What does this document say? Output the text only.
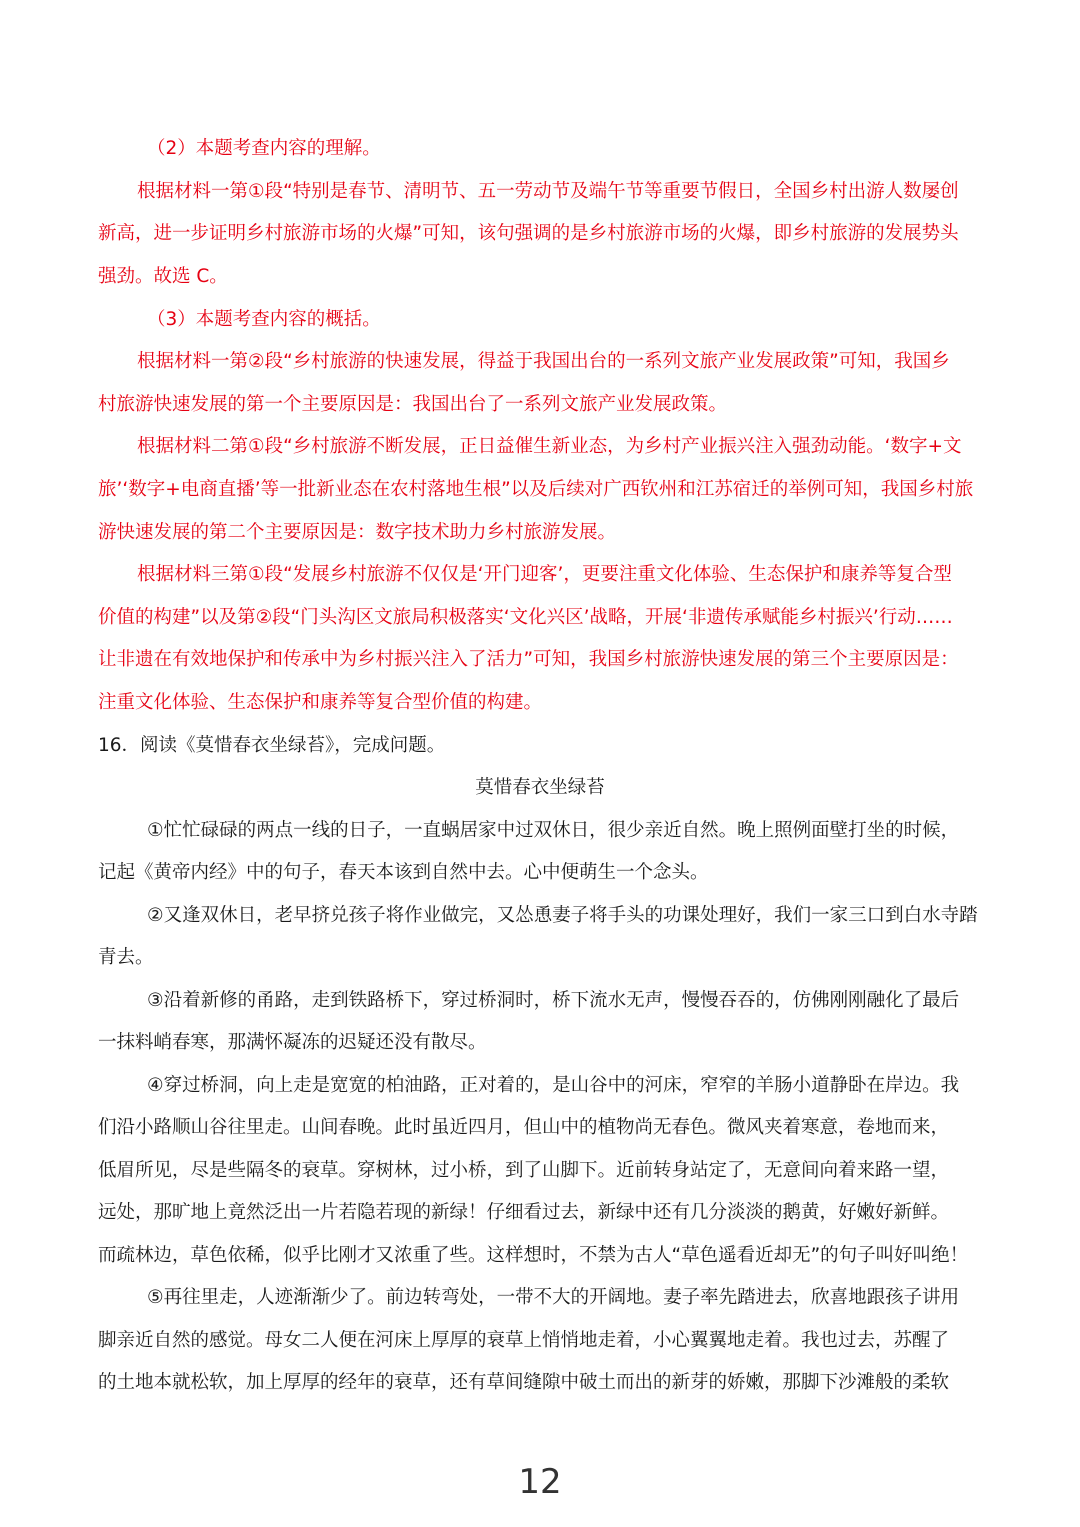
（2）本题考查内容的理解。
根据材料一第①段“特别是春节、清明节、五一劳动节及端午节等重要节假日，全国乡村出游人数屡创
新高，进一步证明乡村旅游市场的火爆”可知，该句强调的是乡村旅游市场的火爆，即乡村旅游的发展势头
强劲。故选 C。
（3）本题考查内容的概括。
根据材料一第②段“乡村旅游的快速发展，得益于我国出台的一系列文旅产业发展政策”可知，我国乡
村旅游快速发展的第一个主要原因是：我国出台了一系列文旅产业发展政策。
根据材料二第①段“乡村旅游不断发展，正日益催生新业态，为乡村产业振兴注入强劲动能。‘数字+文
旅’‘数字+电商直播’等一批新业态在农村落地生根”以及后续对广西钦州和江苏宿迁的举例可知，我国乡村旅
游快速发展的第二个主要原因是：数字技术助力乡村旅游发展。
根据材料三第①段“发展乡村旅游不仅仅是‘开门迎客’，更要注重文化体验、生态保护和康养等复合型
价值的构建”以及第②段“门头沟区文旅局积极落实‘文化兴区’战略，开展‘非遗传承赋能乡村振兴’行动……
让非遗在有效地保护和传承中为乡村振兴注入了活力”可知，我国乡村旅游快速发展的第三个主要原因是：
注重文化体验、生态保护和康养等复合型价值的构建。
16．阅读《莫惜春衣坐绿苔》，完成问题。
莫惜春衣坐绿苔
①忙忙碌碌的两点一线的日子，一直蜗居家中过双休日，很少亲近自然。晚上照例面壁打坐的时候，
记起《黄帝内经》中的句子，春天本该到自然中去。心中便萌生一个念头。
②又逢双休日，老早挤兑孩子将作业做完，又怂恿妻子将手头的功课处理好，我们一家三口到白水寺踏
青去。
③沿着新修的甬路，走到铁路桥下，穿过桥洞时，桥下流水无声，慢慢吞吞的，仿佛刚刚融化了最后
一抹料峭春寒，那满怀凝冻的迟疑还没有散尽。
④穿过桥洞，向上走是宽宽的柏油路，正对着的，是山谷中的河床，窄窄的羊肠小道静卧在岸边。我
们沿小路顺山谷往里走。山间春晚。此时虽近四月，但山中的植物尚无春色。微风夹着寒意，卷地而来，
低眉所见，尽是些隔冬的衰草。穿树林，过小桥，到了山脚下。近前转身站定了，无意间向着来路一望，
远处，那旷地上竟然泛出一片若隐若现的新绿！仔细看过去，新绿中还有几分淡淡的鹅黄，好嫩好新鲜。
而疏林边，草色依稀，似乎比刚才又浓重了些。这样想时，不禁为古人“草色遥看近却无”的句子叫好叫绝！
⑤再往里走，人迹渐渐少了。前边转弯处，一带不大的开阔地。妻子率先踏进去，欣喜地跟孩子讲用
脚亲近自然的感觉。母女二人便在河床上厚厚的衰草上悄悄地走着，小心翼翼地走着。我也过去，苏醒了
的土地本就松软，加上厚厚的经年的衰草，还有草间缝隙中破土而出的新芽的娇嫩，那脚下沙滩般的柔软
12
